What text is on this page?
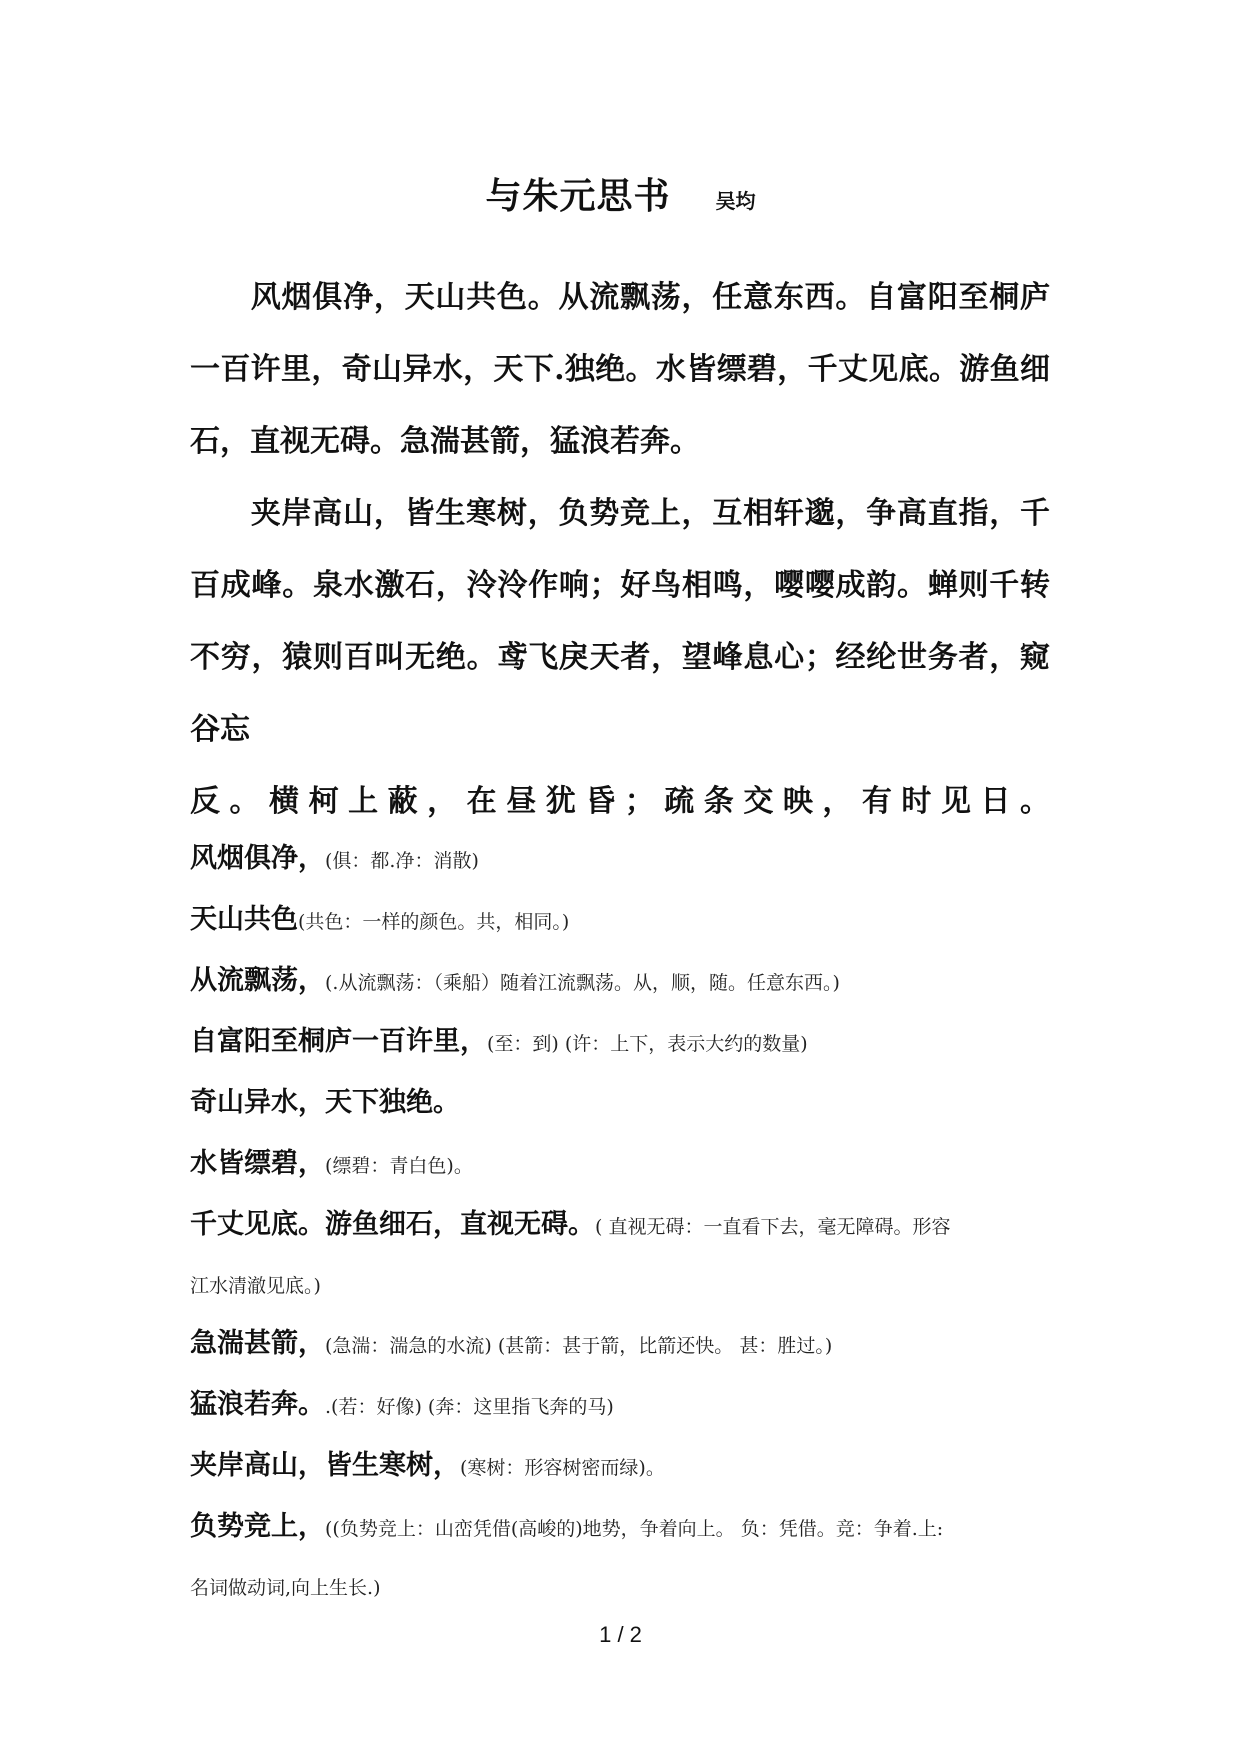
与朱元思书 吴均

风烟俱净，天山共色。从流飘荡，任意东西。自富阳至桐庐一百许里，奇山异水，天下.独绝。水皆缥碧，千丈见底。游鱼细石，直视无碍。急湍甚箭，猛浪若奔。

夹岸高山，皆生寒树，负势竞上，互相轩邈，争高直指，千百成峰。泉水激石，泠泠作响；好鸟相鸣，嘤嘤成韵。蝉则千转不穷，猿则百叫无绝。鸢飞戾天者，望峰息心；经纶世务者，窥谷忘

反。横柯上蔽，在昼犹昏；疏条交映，有时见日。

风烟俱净，(俱：都.净：消散)

天山共色(共色：一样的颜色。共，相同。)

从流飘荡，(.从流飘荡：（乘船）随着江流飘荡。从，顺，随。任意东西。)

自富阳至桐庐一百许里，(至：到) (许：上下，表示大约的数量)

奇山异水，天下独绝。

水皆缥碧，(缥碧：青白色)。

千丈见底。游鱼细石，直视无碍。( 直视无碍：一直看下去，毫无障碍。形容
江水清澈见底。)

急湍甚箭，(急湍：湍急的水流) (甚箭：甚于箭，比箭还快。 甚：胜过。)

猛浪若奔。.(若：好像) (奔：这里指飞奔的马)

夹岸高山，皆生寒树，(寒树：形容树密而绿)。

负势竞上，((负势竞上：山峦凭借(高峻的)地势，争着向上。 负：凭借。竞：争着.上:
名词做动词,向上生长.)

1 / 2
